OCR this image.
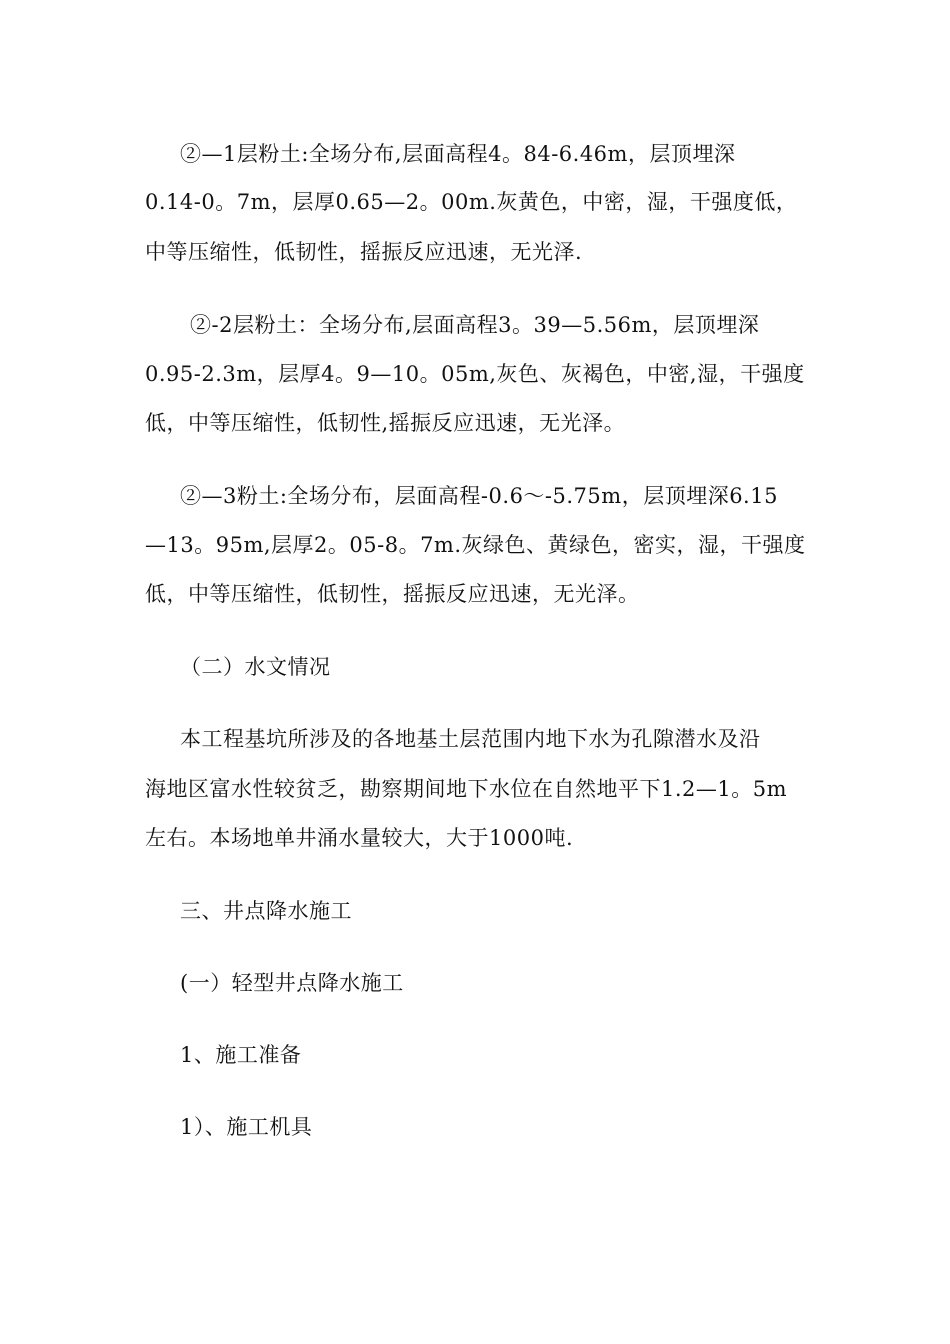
②—1层粉土:全场分布,层面高程4。84-6.46m，层顶埋深
0.14-0。7m，层厚0.65—2。00m.灰黄色，中密，湿，干强度低，
中等压缩性，低韧性，摇振反应迅速，无光泽.
②-2层粉土：全场分布,层面高程3。39—5.56m，层顶埋深
0.95-2.3m，层厚4。9—10。05m,灰色、灰褐色，中密,湿，干强度
低，中等压缩性，低韧性,摇振反应迅速，无光泽。
②—3粉土:全场分布，层面高程-0.6～-5.75m，层顶埋深6.15
—13。95m,层厚2。05-8。7m.灰绿色、黄绿色，密实，湿，干强度
低，中等压缩性，低韧性，摇振反应迅速，无光泽。
（二）水文情况
本工程基坑所涉及的各地基土层范围内地下水为孔隙潜水及沿
海地区富水性较贫乏，勘察期间地下水位在自然地平下1.2—1。5m
左右。本场地单井涌水量较大，大于1000吨.
三、井点降水施工
(一）轻型井点降水施工
1、施工准备
1）、施工机具
